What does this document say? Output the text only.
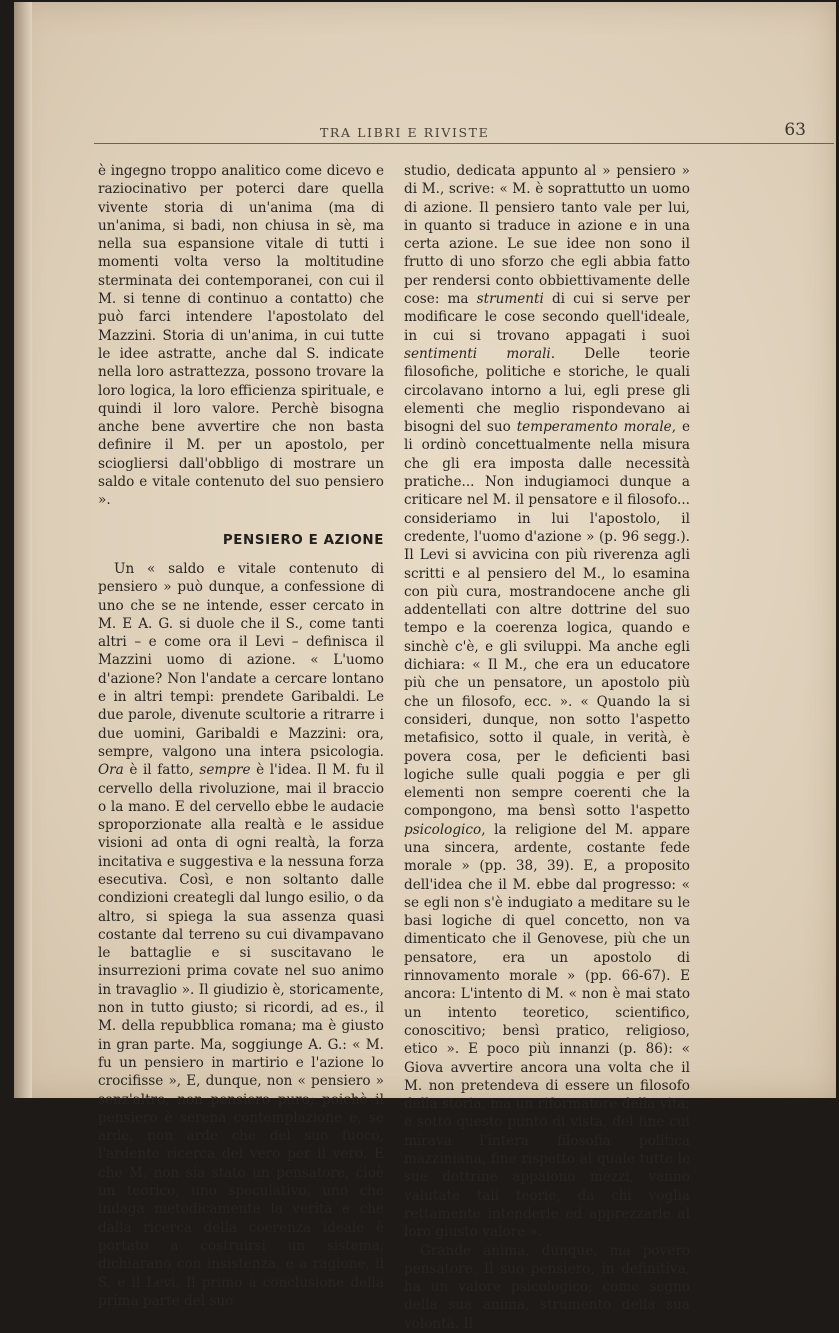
TRA LIBRI E RIVISTE	63

è ingegno troppo analitico come dicevo e raziocinativo per poterci dare quella vivente storia di un'anima (ma di un'anima, si badi, non chiusa in sè, ma nella sua espansione vitale di tutti i momenti volta verso la moltitudine sterminata dei contemporanei, con cui il M. si tenne di continuo a contatto) che può farci intendere l'apostolato del Mazzini. Storia di un'anima, in cui tutte le idee astratte, anche dal S. indicate nella loro astrattezza, possono trovare la loro logica, la loro efficienza spirituale, e quindi il loro valore. Perchè bisogna anche bene avvertire che non basta definire il M. per un apostolo, per sciogliersi dall'obbligo di mostrare un saldo e vitale contenuto del suo pensiero ».

PENSIERO E AZIONE

Un « saldo e vitale contenuto di pensiero » può dunque, a confessione di uno che se ne intende, esser cercato in M. E A. G. si duole che il S., come tanti altri – e come ora il Levi – definisca il Mazzini uomo di azione. « L'uomo d'azione? Non l'andate a cercare lontano e in altri tempi: prendete Garibaldi. Le due parole, divenute scultorie a ritrarre i due uomini, Garibaldi e Mazzini: ora, sempre, valgono una intera psicologia. Ora è il fatto, sempre è l'idea. Il M. fu il cervello della rivoluzione, mai il braccio o la mano. E del cervello ebbe le audacie sproporzionate alla realtà e le assidue visioni ad onta di ogni realtà, la forza incitativa e suggestiva e la nessuna forza esecutiva. Così, e non soltanto dalle condizioni creategli dal lungo esilio, o da altro, si spiega la sua assenza quasi costante dal terreno su cui divampavano le battaglie e si suscitavano le insurrezioni prima covate nel suo animo in travaglio ». Il giudizio è, storicamente, non in tutto giusto; si ricordi, ad es., il M. della repubblica romana; ma è giusto in gran parte. Ma, soggiunge A. G.: « M. fu un pensiero in martirio e l'azione lo crocifisse », E, dunque, non « pensiero » senz'altro, non pensiero puro; poichè il pensiero è serena contemplazione e, se arde, non arde che del suo fuoco, l'ardente ricerca del vero per il vero. E che M. non sia stato un pensatore, cioè un teorico, uno speculativo, uno che indaga metodicamente la verità e che dalla ricerca della coerenza ideale è portato a costruirsi un sistema, dichiarano con insistenza, e a ragione, il S. e il Levi. Il primo a conclusione della prima parte del suo

studio, dedicata appunto al » pensiero » di M., scrive: « M. è soprattutto un uomo di azione. Il pensiero tanto vale per lui, in quanto si traduce in azione e in una certa azione. Le sue idee non sono il frutto di uno sforzo che egli abbia fatto per rendersi conto obbiettivamente delle cose: ma strumenti di cui si serve per modificare le cose secondo quell'ideale, in cui si trovano appagati i suoi sentimenti morali. Delle teorie filosofiche, politiche e storiche, le quali circolavano intorno a lui, egli prese gli elementi che meglio rispondevano ai bisogni del suo temperamento morale, e li ordinò concettualmente nella misura che gli era imposta dalle necessità pratiche... Non indugiamoci dunque a criticare nel M. il pensatore e il filosofo... consideriamo in lui l'apostolo, il credente, l'uomo d'azione » (p. 96 segg.). Il Levi si avvicina con più riverenza agli scritti e al pensiero del M., lo esamina con più cura, mostrandocene anche gli addentellati con altre dottrine del suo tempo e la coerenza logica, quando e sinchè c'è, e gli sviluppi. Ma anche egli dichiara: « Il M., che era un educatore più che un pensatore, un apostolo più che un filosofo, ecc. ». « Quando la si consideri, dunque, non sotto l'aspetto metafisico, sotto il quale, in verità, è povera cosa, per le deficienti basi logiche sulle quali poggia e per gli elementi non sempre coerenti che la compongono, ma bensì sotto l'aspetto psicologico, la religione del M. appare una sincera, ardente, costante fede morale » (pp. 38, 39). E, a proposito dell'idea che il M. ebbe dal progresso: « se egli non s'è indugiato a meditare su le basi logiche di quel concetto, non va dimenticato che il Genovese, più che un pensatore, era un apostolo di rinnovamento morale » (pp. 66-67). E ancora: L'intento di M. « non è mai stato un intento teoretico, scientifico, conoscitivo; bensì pratico, religioso, etico ». E poco più innanzi (p. 86): « Giova avvertire ancora una volta che il M. non pretendeva di essere un filosofo della storia, ma un riformatore della vita; e sotto questo punto di vista, del fine cui mirava l'intera filosofia politica mazziniana, fine rispetto al quale tutte le sue dottrine appaiono mezzi, vanno valutate tali teorie, da chi voglia rettamente intenderle ed apprezzarle al loro giusto valore ».

Grande anima, dunque, ma povero pensatore. Il suo pensiero, in definitiva, ha un valore psicologico; come segno della sua anima, strumento della sua volontà. Il
